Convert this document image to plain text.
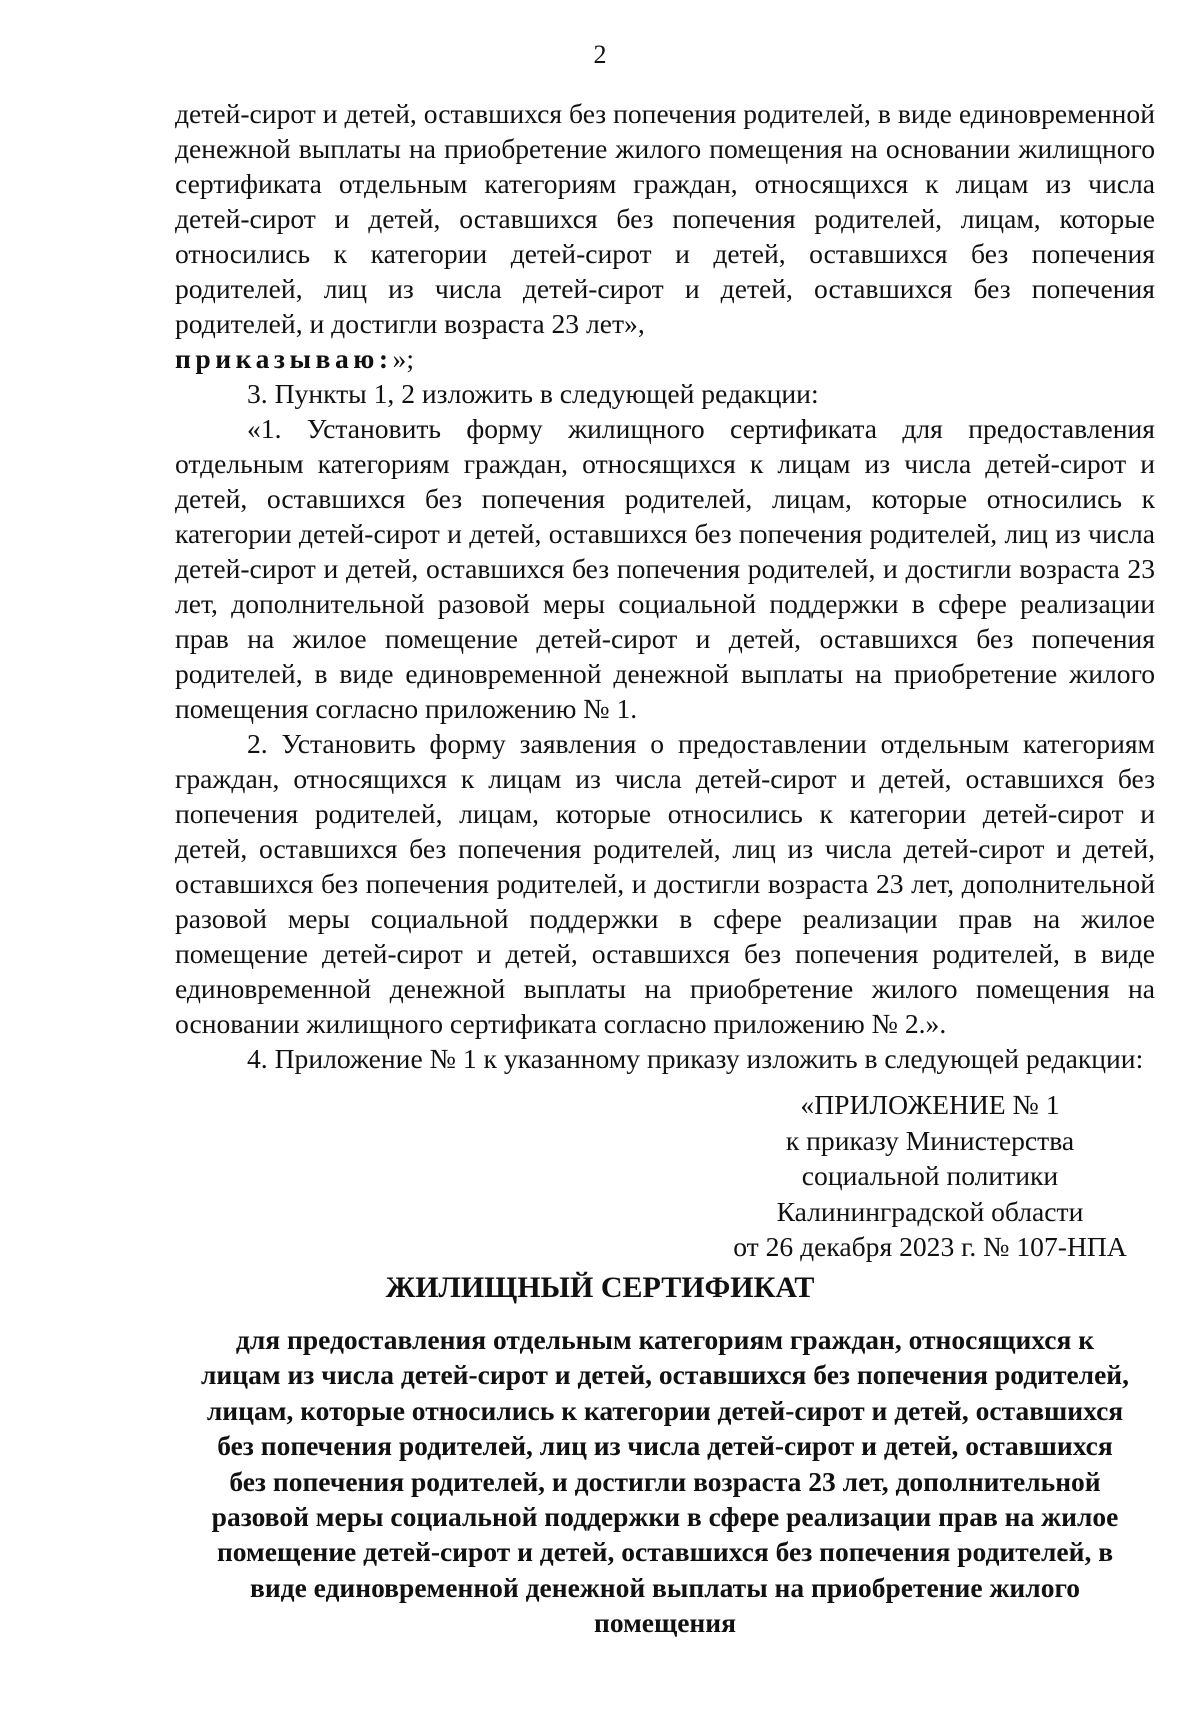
2

детей-сирот и детей, оставшихся без попечения родителей, в виде единовременной денежной выплаты на приобретение жилого помещения на основании жилищного сертификата отдельным категориям граждан, относящихся к лицам из числа детей-сирот и детей, оставшихся без попечения родителей, лицам, которые относились к категории детей-сирот и детей, оставшихся без попечения родителей, лиц из числа детей-сирот и детей, оставшихся без попечения родителей, и достигли возраста 23 лет»,
приказываю:»;

3. Пункты 1, 2 изложить в следующей редакции:

«1. Установить форму жилищного сертификата для предоставления отдельным категориям граждан, относящихся к лицам из числа детей-сирот и детей, оставшихся без попечения родителей, лицам, которые относились к категории детей-сирот и детей, оставшихся без попечения родителей, лиц из числа детей-сирот и детей, оставшихся без попечения родителей, и достигли возраста 23 лет, дополнительной разовой меры социальной поддержки в сфере реализации прав на жилое помещение детей-сирот и детей, оставшихся без попечения родителей, в виде единовременной денежной выплаты на приобретение жилого помещения согласно приложению № 1.

2. Установить форму заявления о предоставлении отдельным категориям граждан, относящихся к лицам из числа детей-сирот и детей, оставшихся без попечения родителей, лицам, которые относились к категории детей-сирот и детей, оставшихся без попечения родителей, лиц из числа детей-сирот и детей, оставшихся без попечения родителей, и достигли возраста 23 лет, дополнительной разовой меры социальной поддержки в сфере реализации прав на жилое помещение детей-сирот и детей, оставшихся без попечения родителей, в виде единовременной денежной выплаты на приобретение жилого помещения на основании жилищного сертификата согласно приложению № 2.».

4. Приложение № 1 к указанному приказу изложить в следующей редакции:

«ПРИЛОЖЕНИЕ № 1
к приказу Министерства
социальной политики
Калининградской области
от 26 декабря 2023 г. № 107-НПА
ЖИЛИЩНЫЙ СЕРТИФИКАТ
для предоставления отдельным категориям граждан, относящихся к
лицам из числа детей-сирот и детей, оставшихся без попечения родителей,
лицам, которые относились к категории детей-сирот и детей, оставшихся
без попечения родителей, лиц из числа детей-сирот и детей, оставшихся
без попечения родителей, и достигли возраста 23 лет, дополнительной
разовой меры социальной поддержки в сфере реализации прав на жилое
помещение детей-сирот и детей, оставшихся без попечения родителей, в
виде единовременной денежной выплаты на приобретение жилого
помещения
